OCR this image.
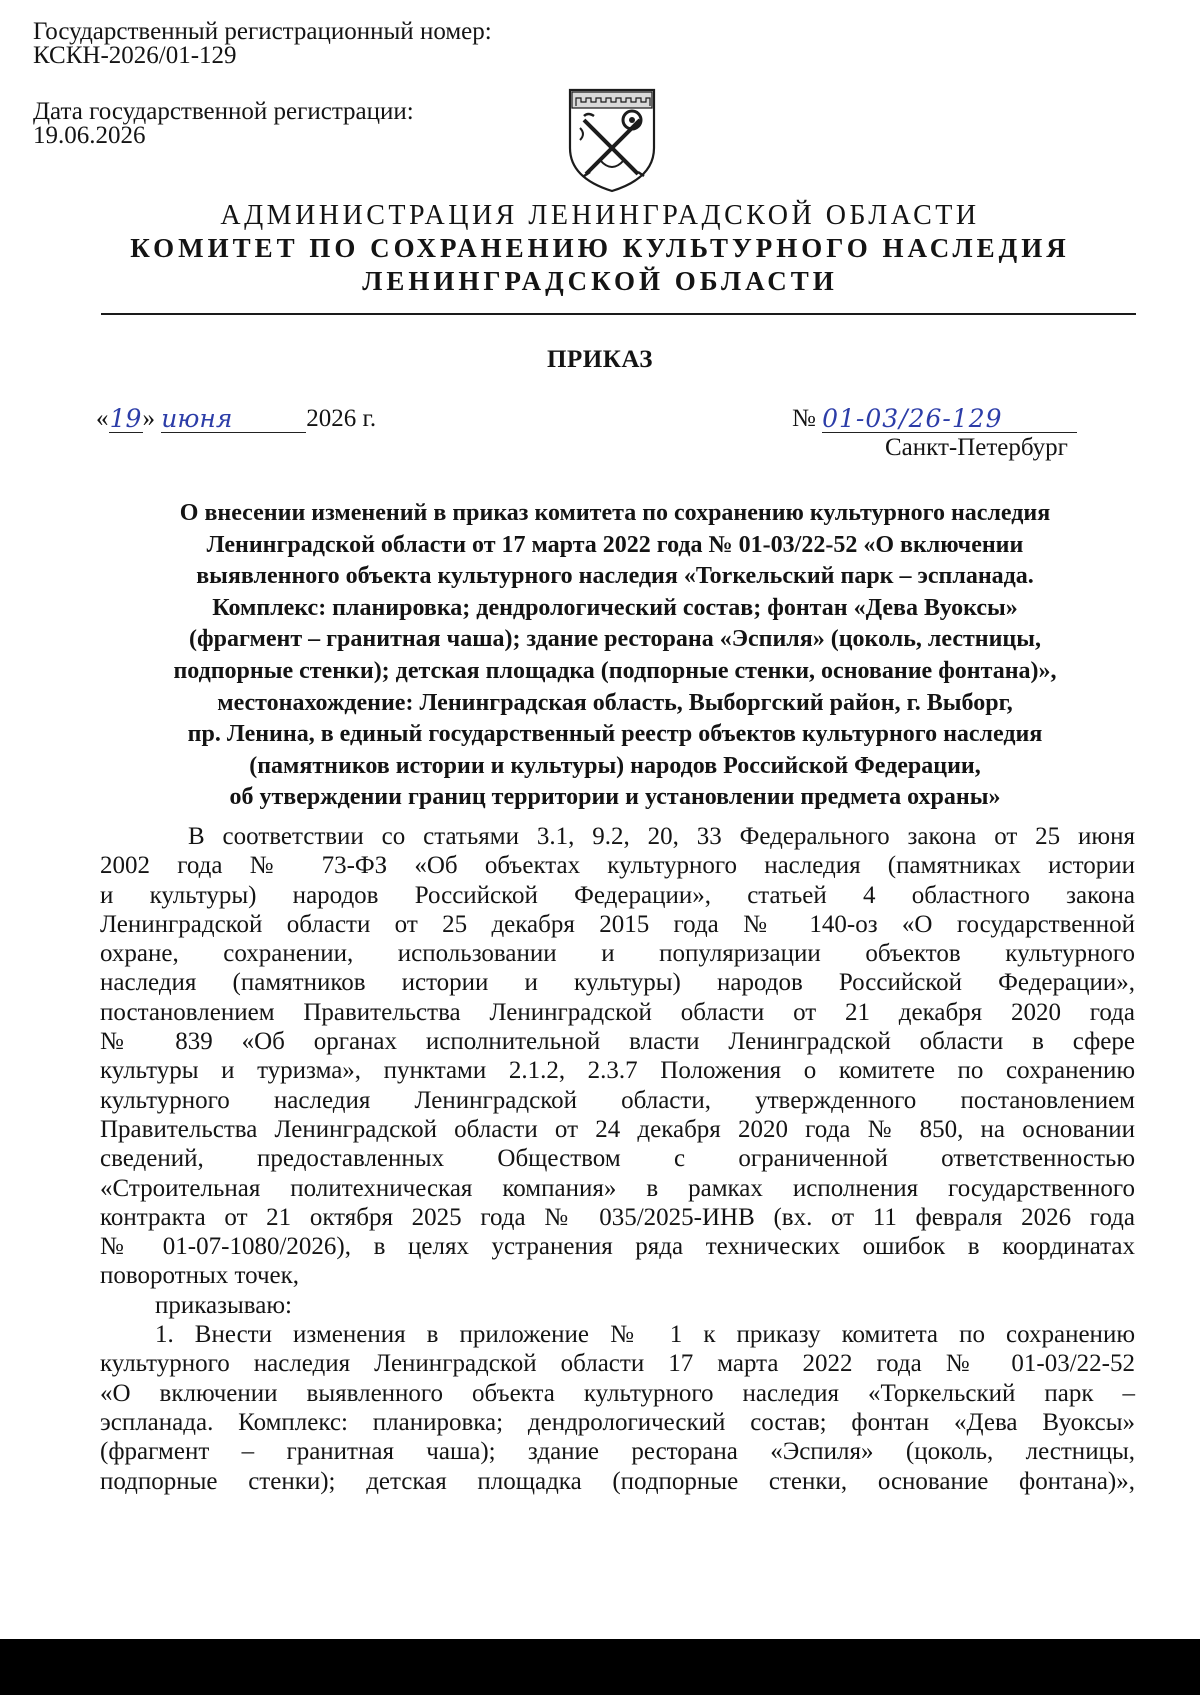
Государственный регистрационный номер:
КСКН-2026/01-129
Дата государственной регистрации:
19.06.2026
АДМИНИСТРАЦИЯ ЛЕНИНГРАДСКОЙ ОБЛАСТИ
КОМИТЕТ ПО СОХРАНЕНИЮ КУЛЬТУРНОГО НАСЛЕДИЯ
ЛЕНИНГРАДСКОЙ ОБЛАСТИ
ПРИКАЗ
«19» июня	2026 г.	№ 01-03/26-129
Санкт-Петербург
О внесении изменений в приказ комитета по сохранению культурного наследия
Ленинградской области от 17 марта 2022 года № 01-03/22-52 «О включении
выявленного объекта культурного наследия «Torкельский парк – эспланада.
Комплекс: планировка; дендрологический состав; фонтан «Дева Вуоксы»
(фрагмент – гранитная чаша); здание ресторана «Эспиля» (цоколь, лестницы,
подпорные стенки); детская площадка (подпорные стенки, основание фонтана)»,
местонахождение: Ленинградская область, Выборгский район, г. Выборг,
пр. Ленина, в единый государственный реестр объектов культурного наследия
(памятников истории и культуры) народов Российской Федерации,
об утверждении границ территории и установлении предмета охраны»
В соответствии со статьями 3.1, 9.2, 20, 33 Федерального закона от 25 июня
2002 года № 73-ФЗ «Об объектах культурного наследия (памятниках истории
и культуры) народов Российской Федерации», статьей 4 областного закона
Ленинградской области от 25 декабря 2015 года № 140-оз «О государственной
охране, сохранении, использовании и популяризации объектов культурного
наследия (памятников истории и культуры) народов Российской Федерации»,
постановлением Правительства Ленинградской области от 21 декабря 2020 года
№ 839 «Об органах исполнительной власти Ленинградской области в сфере
культуры и туризма», пунктами 2.1.2, 2.3.7 Положения о комитете по сохранению
культурного наследия Ленинградской области, утвержденного постановлением
Правительства Ленинградской области от 24 декабря 2020 года № 850, на основании
сведений, предоставленных Обществом с ограниченной ответственностью
«Строительная политехническая компания» в рамках исполнения государственного
контракта от 21 октября 2025 года № 035/2025-ИНВ (вх. от 11 февраля 2026 года
№ 01-07-1080/2026), в целях устранения ряда технических ошибок в координатах
поворотных точек,
приказываю:
1. Внести изменения в приложение № 1 к приказу комитета по сохранению
культурного наследия Ленинградской области 17 марта 2022 года № 01-03/22-52
«О включении выявленного объекта культурного наследия «Торкельский парк –
эспланада. Комплекс: планировка; дендрологический состав; фонтан «Дева Вуоксы»
(фрагмент – гранитная чаша); здание ресторана «Эспиля» (цоколь, лестницы,
подпорные стенки); детская площадка (подпорные стенки, основание фонтана)»,
